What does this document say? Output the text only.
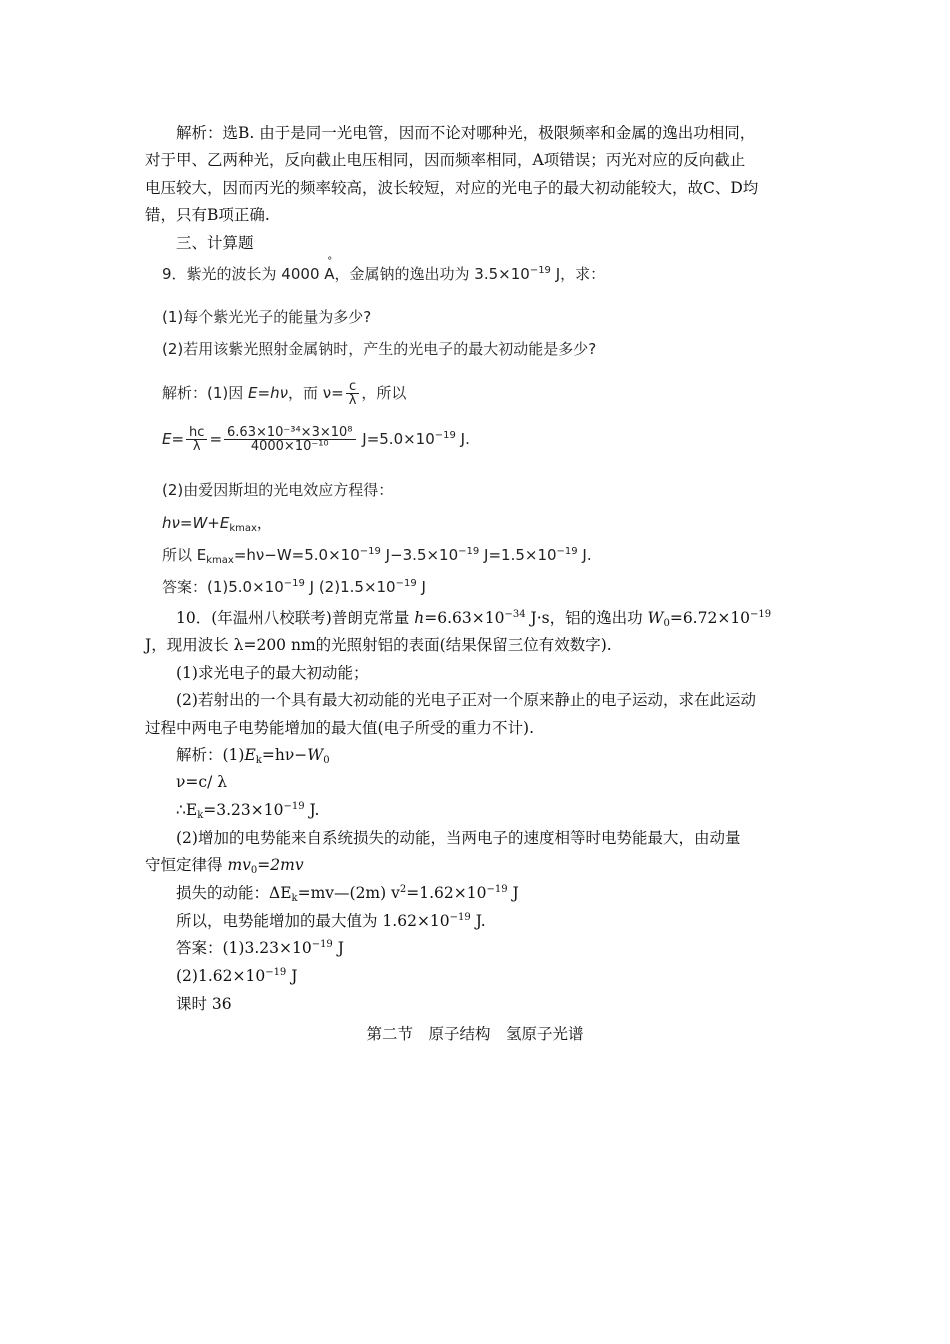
解析：选B. 由于是同一光电管，因而不论对哪种光，极限频率和金属的逸出功相同，
对于甲、乙两种光，反向截止电压相同，因而频率相同，A项错误；丙光对应的反向截止
电压较大，因而丙光的频率较高，波长较短，对应的光电子的最大初动能较大，故C、D均
错，只有B项正确.
三、计算题
9．紫光的波长为 4000 ° A，金属钠的逸出功为 $3.5\times 10^{-19}$ J，求：
(1)每个紫光光子的能量为多少?
(2)若用该紫光照射金属钠时，产生的光电子的最大初动能是多少?
解析：(1)因 E=hν，而 $\nu= \frac{c}{\lambda}$ ，所以
$E= \frac{hc}{\lambda} = \frac{\text{6.63×10⁻³⁴×3×10⁸}}{\text{4000×10⁻¹⁰}} J=5.0\times 10^{-19}$ J.
(2)由爱因斯坦的光电效应方程得：
$h\nu=W+E_{kmax}$，
所以 $E_{kmax}=h\nu-W=5.0\times 10^{-19}$ $J-3.5\times 10^{-19}$ $J=1.5\times 10^{-19}$ J.
答案：$(1)5.0\times 10^{-19}$ J $(2)1.5\times 10^{-19}$ J
10．(年温州八校联考)普朗克常量 $h=6.63\times 10^{-34}$ J·s，铝的逸出功 $W_0=6.72\times 10^{-19}$
J，现用波长 λ=200 nm的光照射铝的表面(结果保留三位有效数字).
(1)求光电子的最大初动能；
(2)若射出的一个具有最大初动能的光电子正对一个原来静止的电子运动，求在此运动
过程中两电子电势能增加的最大值(电子所受的重力不计).
解析：$(1)E_k=h\nu-W_0$
ν=c/ λ
$\therefore E_k=3.23\times 10^{-19}$ J.
(2)增加的电势能来自系统损失的动能，当两电子的速度相等时电势能最大，由动量
守恒定律得 $mv_0=2mv$
损失的动能：$\Delta E_k=mv—(2m)$ $v^2=1.62\times 10^{-19}$ J
所以，电势能增加的最大值为 $1.62\times 10^{-19}$ J.
答案：$(1)3.23\times 10^{-19}$ J
$(2)1.62\times 10^{-19}$ J
课时 36
第二节　原子结构　氢原子光谱
